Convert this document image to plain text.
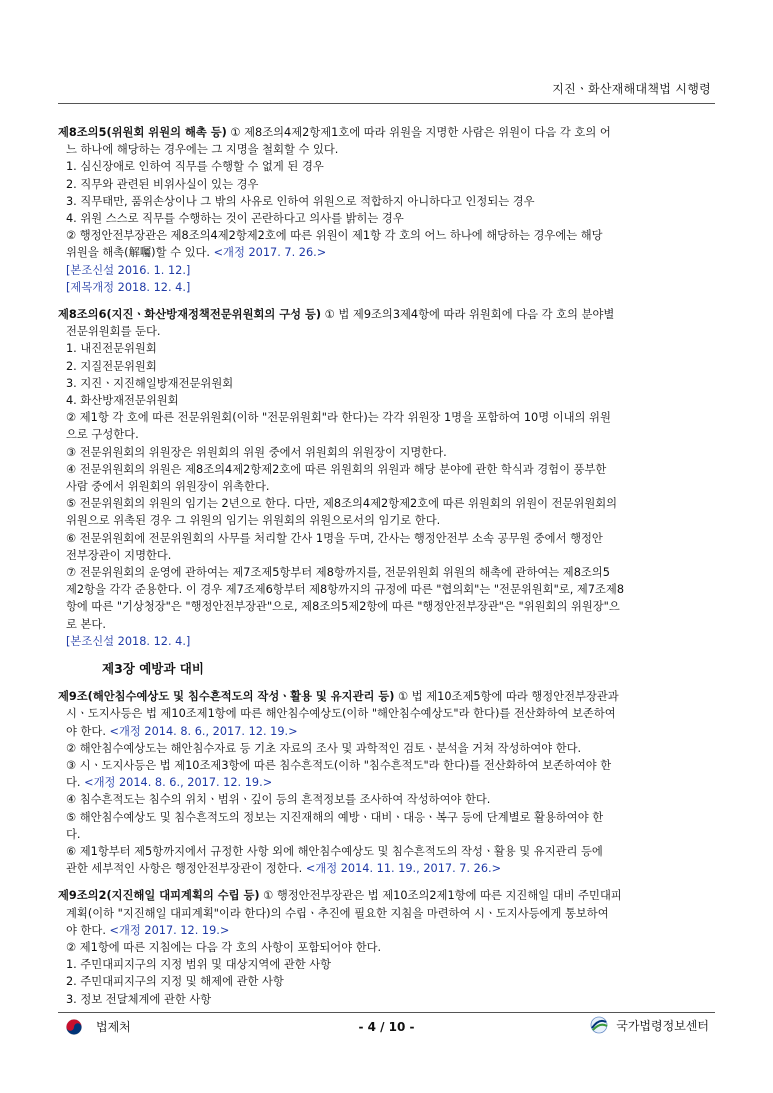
지진ㆍ화산재해대책법 시행령
제8조의5(위원회 위원의 해촉 등) ① 제8조의4제2항제1호에 따라 위원을 지명한 사람은 위원이 다음 각 호의 어
느 하나에 해당하는 경우에는 그 지명을 철회할 수 있다.
1. 심신장애로 인하여 직무를 수행할 수 없게 된 경우
2. 직무와 관련된 비위사실이 있는 경우
3. 직무태만, 품위손상이나 그 밖의 사유로 인하여 위원으로 적합하지 아니하다고 인정되는 경우
4. 위원 스스로 직무를 수행하는 것이 곤란하다고 의사를 밝히는 경우
② 행정안전부장관은 제8조의4제2항제2호에 따른 위원이 제1항 각 호의 어느 하나에 해당하는 경우에는 해당
위원을 해촉(解囑)할 수 있다. <개정 2017. 7. 26.>
[본조신설 2016. 1. 12.]
[제목개정 2018. 12. 4.]
제8조의6(지진ㆍ화산방재정책전문위원회의 구성 등) ① 법 제9조의3제4항에 따라 위원회에 다음 각 호의 분야별
전문위원회를 둔다.
1. 내진전문위원회
2. 지질전문위원회
3. 지진ㆍ지진해일방재전문위원회
4. 화산방재전문위원회
② 제1항 각 호에 따른 전문위원회(이하 "전문위원회"라 한다)는 각각 위원장 1명을 포함하여 10명 이내의 위원
으로 구성한다.
③ 전문위원회의 위원장은 위원회의 위원 중에서 위원회의 위원장이 지명한다.
④ 전문위원회의 위원은 제8조의4제2항제2호에 따른 위원회의 위원과 해당 분야에 관한 학식과 경험이 풍부한
사람 중에서 위원회의 위원장이 위촉한다.
⑤ 전문위원회의 위원의 임기는 2년으로 한다. 다만, 제8조의4제2항제2호에 따른 위원회의 위원이 전문위원회의
위원으로 위촉된 경우 그 위원의 임기는 위원회의 위원으로서의 임기로 한다.
⑥ 전문위원회에 전문위원회의 사무를 처리할 간사 1명을 두며, 간사는 행정안전부 소속 공무원 중에서 행정안
전부장관이 지명한다.
⑦ 전문위원회의 운영에 관하여는 제7조제5항부터 제8항까지를, 전문위원회 위원의 해촉에 관하여는 제8조의5
제2항을 각각 준용한다. 이 경우 제7조제6항부터 제8항까지의 규정에 따른 "협의회"는 "전문위원회"로, 제7조제8
항에 따른 "기상청장"은 "행정안전부장관"으로, 제8조의5제2항에 따른 "행정안전부장관"은 "위원회의 위원장"으
로 본다.
[본조신설 2018. 12. 4.]
제3장 예방과 대비
제9조(해안침수예상도 및 침수흔적도의 작성ㆍ활용 및 유지관리 등) ① 법 제10조제5항에 따라 행정안전부장관과
시ㆍ도지사등은 법 제10조제1항에 따른 해안침수예상도(이하 "해안침수예상도"라 한다)를 전산화하여 보존하여
야 한다. <개정 2014. 8. 6., 2017. 12. 19.>
② 해안침수예상도는 해안침수자료 등 기초 자료의 조사 및 과학적인 검토ㆍ분석을 거쳐 작성하여야 한다.
③ 시ㆍ도지사등은 법 제10조제3항에 따른 침수흔적도(이하 "침수흔적도"라 한다)를 전산화하여 보존하여야 한
다. <개정 2014. 8. 6., 2017. 12. 19.>
④ 침수흔적도는 침수의 위치ㆍ범위ㆍ깊이 등의 흔적정보를 조사하여 작성하여야 한다.
⑤ 해안침수예상도 및 침수흔적도의 정보는 지진재해의 예방ㆍ대비ㆍ대응ㆍ복구 등에 단계별로 활용하여야 한
다.
⑥ 제1항부터 제5항까지에서 규정한 사항 외에 해안침수예상도 및 침수흔적도의 작성ㆍ활용 및 유지관리 등에
관한 세부적인 사항은 행정안전부장관이 정한다. <개정 2014. 11. 19., 2017. 7. 26.>
제9조의2(지진해일 대피계획의 수립 등) ① 행정안전부장관은 법 제10조의2제1항에 따른 지진해일 대비 주민대피
계획(이하 "지진해일 대피계획"이라 한다)의 수립ㆍ추진에 필요한 지침을 마련하여 시ㆍ도지사등에게 통보하여
야 한다. <개정 2017. 12. 19.>
② 제1항에 따른 지침에는 다음 각 호의 사항이 포함되어야 한다.
1. 주민대피지구의 지정 범위 및 대상지역에 관한 사항
2. 주민대피지구의 지정 및 해제에 관한 사항
3. 정보 전달체계에 관한 사항
법제처	- 4 / 10 -	국가법령정보센터
